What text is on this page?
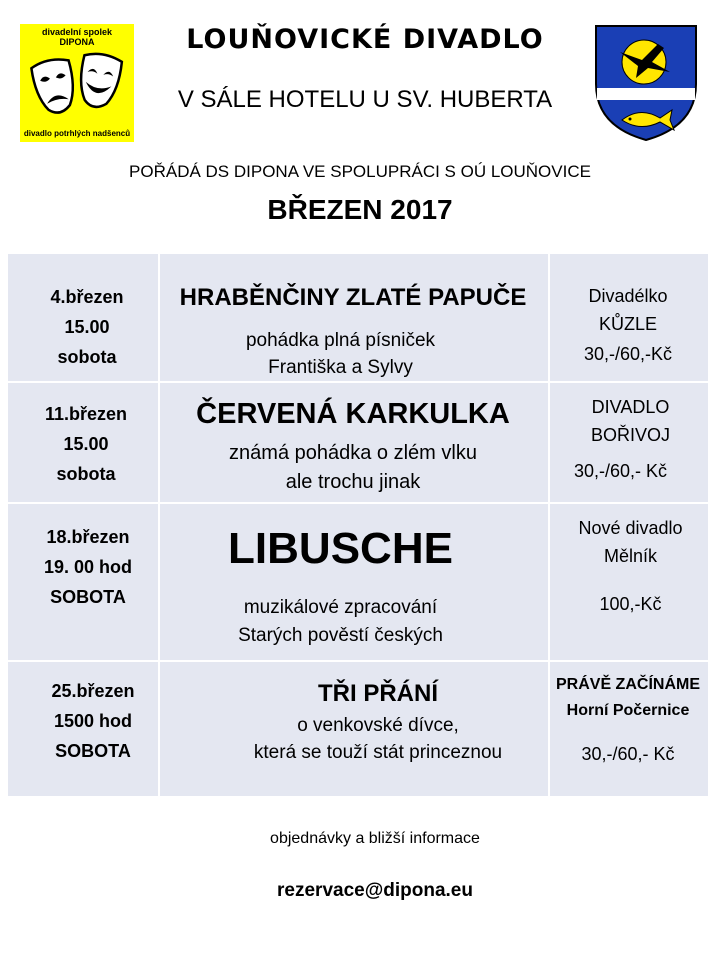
divadelní spolek
DIPONA
divadlo potrhlých nadšenců
LOUŇOVICKÉ DIVADLO
V SÁLE HOTELU U SV. HUBERTA
POŘÁDÁ DS DIPONA VE SPOLUPRÁCI S OÚ LOUŇOVICE
BŘEZEN 2017
4.březen
15.00
sobota
HRABĚNČINY ZLATÉ PAPUČE
pohádka plná písniček
Františka a Sylvy
Divadélko
KŮZLE
30,-/60,-Kč
11.březen
15.00
sobota
ČERVENÁ KARKULKA
známá pohádka o zlém vlku
ale trochu jinak
DIVADLO
BOŘIVOJ
30,-/60,- Kč
18.březen
19. 00 hod
SOBOTA
LIBUSCHE
muzikálové zpracování
Starých pověstí českých
Nové divadlo
Mělník
100,-Kč
25.březen
1500 hod
SOBOTA
TŘI PŘÁNÍ
o venkovské dívce,
která se touží stát princeznou
PRÁVĚ ZAČÍNÁME
Horní Počernice
30,-/60,- Kč
objednávky a bližší informace
rezervace@dipona.eu
